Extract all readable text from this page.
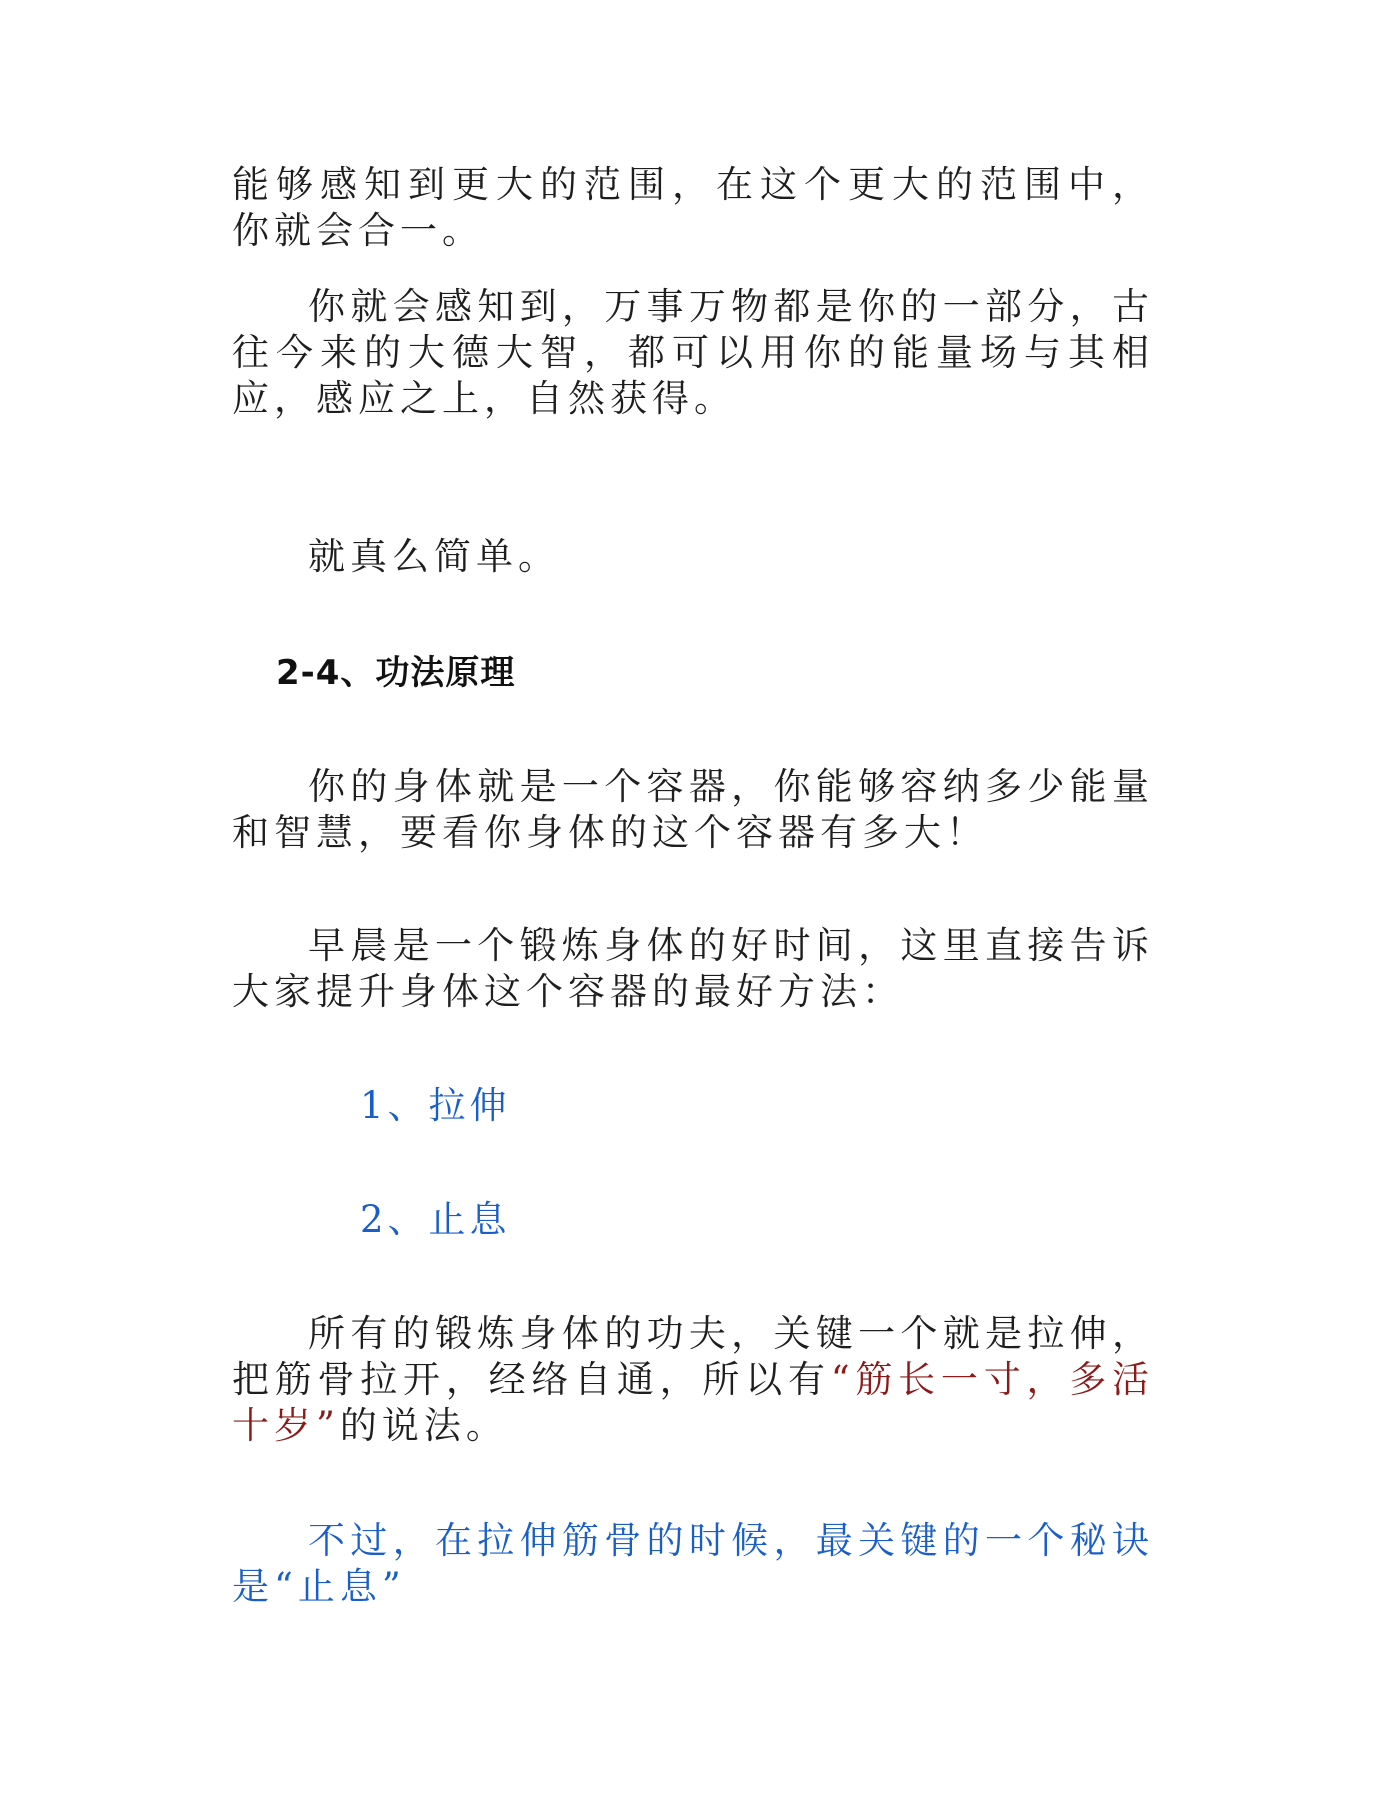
能够感知到更大的范围，在这个更大的范围中，你就会合一。

你就会感知到，万事万物都是你的一部分，古往今来的大德大智，都可以用你的能量场与其相应，感应之上，自然获得。

就真么简单。

2-4、功法原理

你的身体就是一个容器，你能够容纳多少能量和智慧，要看你身体的这个容器有多大！

早晨是一个锻炼身体的好时间，这里直接告诉大家提升身体这个容器的最好方法：

1、拉伸

2、止息

所有的锻炼身体的功夫，关键一个就是拉伸，把筋骨拉开，经络自通，所以有“筋长一寸，多活十岁”的说法。

不过，在拉伸筋骨的时候，最关键的一个秘诀是“止息”
